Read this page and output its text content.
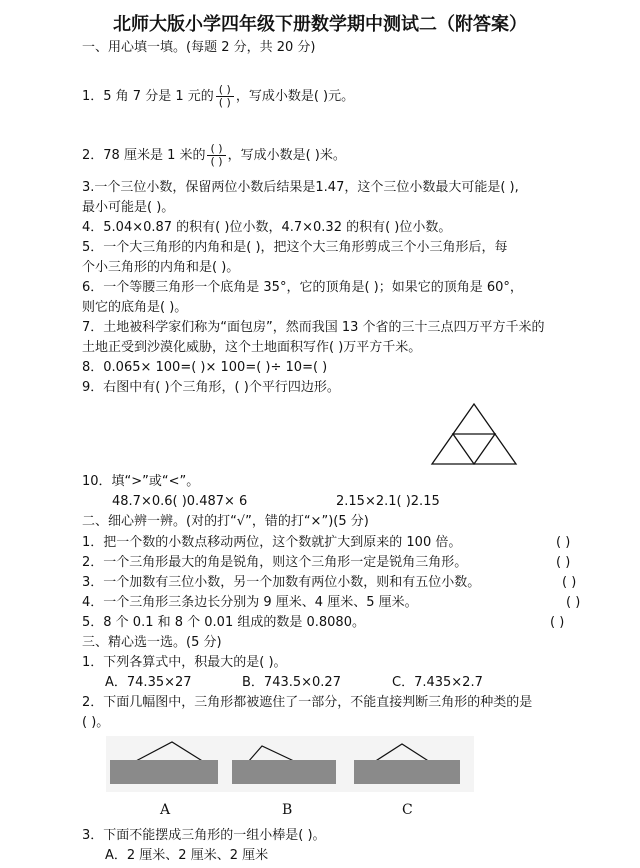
北师大版小学四年级下册数学期中测试二（附答案）
一、用心填一填。(每题 2 分，共 20 分)
1．5 角 7 分是 1 元的 $\frac{( )}{( )}$ ，写成小数是( )元。
2．78 厘米是 1 米的 $\frac{( )}{( )}$ ，写成小数是( )米。
3.一个三位小数，保留两位小数后结果是1.47，这个三位小数最大可能是( ),
最小可能是( )。
4．5.04×0.87 的积有( )位小数，4.7×0.32 的积有( )位小数。
5．一个大三角形的内角和是( )，把这个大三角形剪成三个小三角形后，每
个小三角形的内角和是( )。
6．一个等腰三角形一个底角是 35°，它的顶角是( )；如果它的顶角是 60°，
则它的底角是( )。
7．土地被科学家们称为“面包房”，然而我国 13 个省的三十三点四万平方千米的
土地正受到沙漠化威胁，这个土地面积写作( )万平方千米。
8．0.065× 100=( )× 100=( )÷ 10=( )
9．右图中有( )个三角形，( )个平行四边形。
10．填“>”或“<”。
48.7×0.6( )0.487× 6	2.15×2.1( )2.15
二、细心辨一辨。(对的打“√”，错的打“×”)(5 分)
1．把一个数的小数点移动两位，这个数就扩大到原来的 100 倍。	( )
2．一个三角形最大的角是锐角，则这个三角形一定是锐角三角形。	( )
3．一个加数有三位小数，另一个加数有两位小数，则和有五位小数。	( )
4．一个三角形三条边长分别为 9 厘米、4 厘米、5 厘米。	( )
5．8 个 0.1 和 8 个 0.01 组成的数是 0.8080。	( )
三、精心选一选。(5 分)
1．下列各算式中，积最大的是( )。
A．74.35×27	B．743.5×0.27	C．7.435×2.7
2．下面几幅图中，三角形都被遮住了一部分，不能直接判断三角形的种类的是
( )。
A	B	C
3．下面不能摆成三角形的一组小棒是( )。
A．2 厘米、2 厘米、2 厘米
